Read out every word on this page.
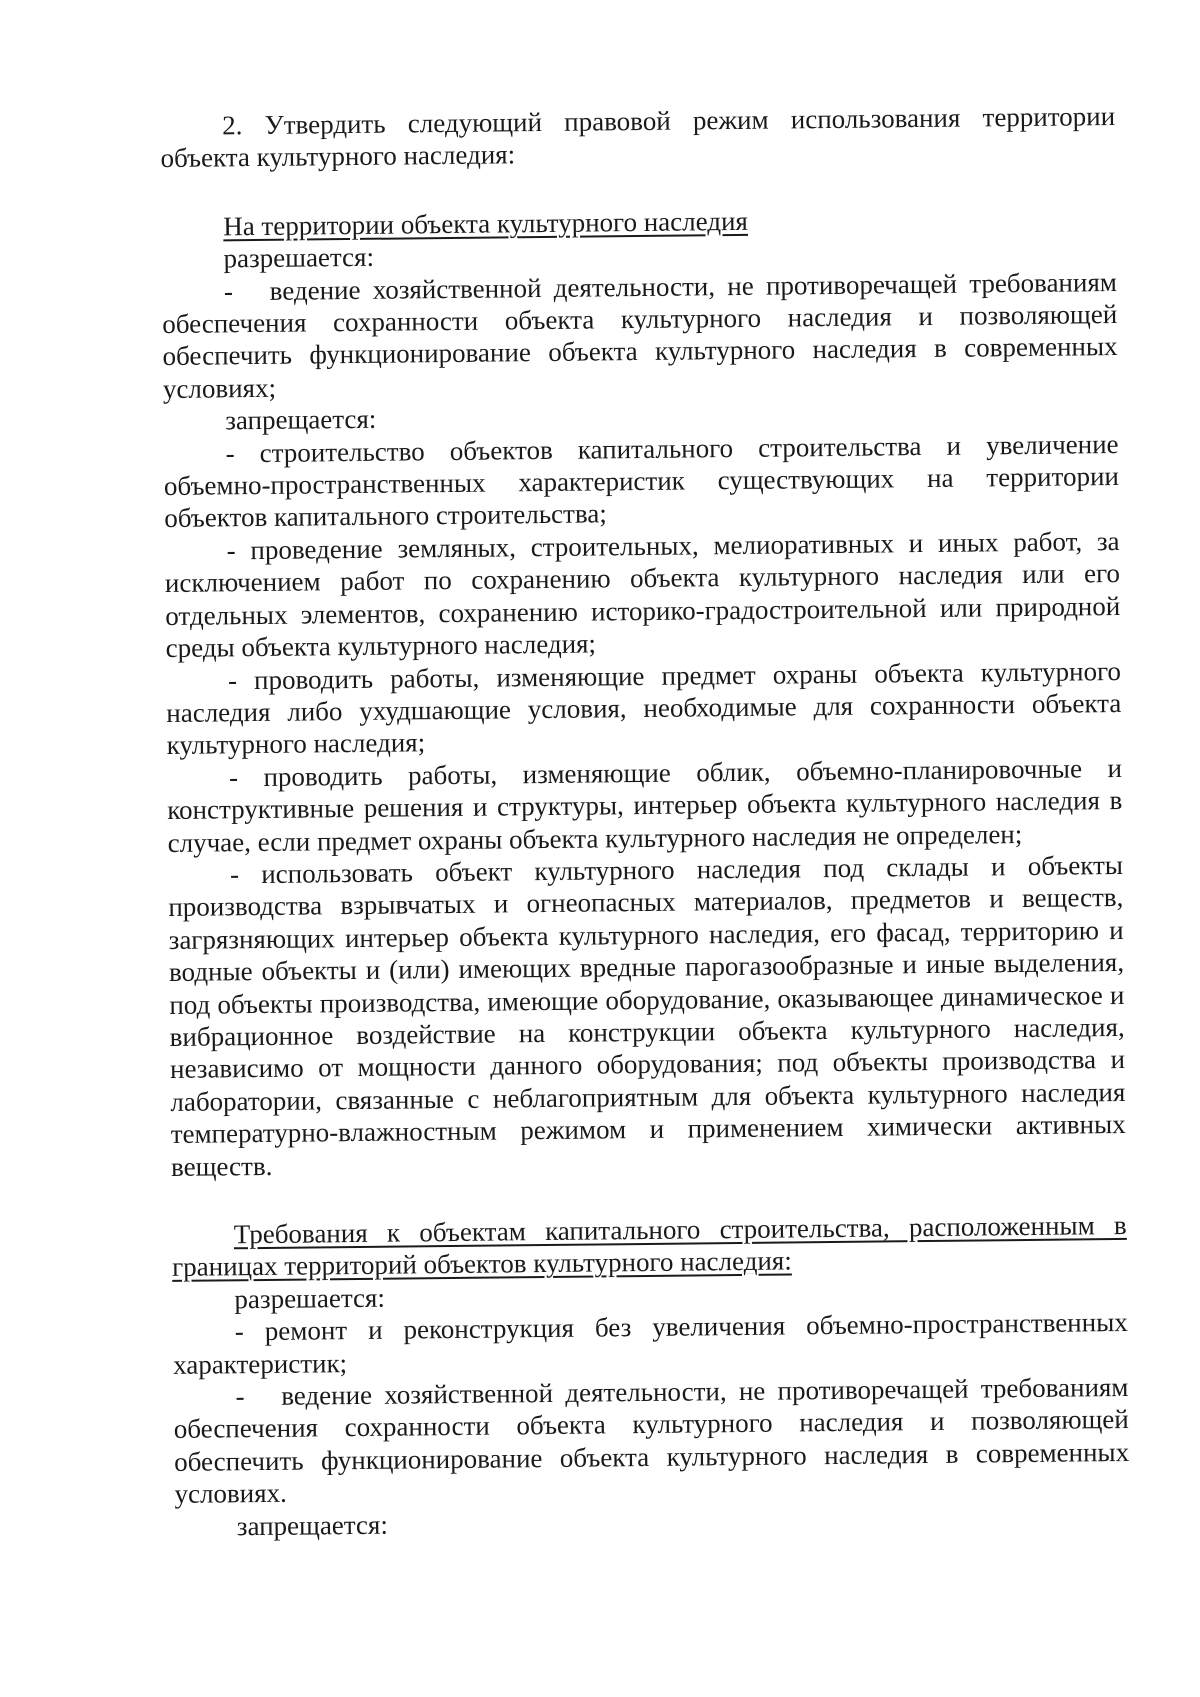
2. Утвердить следующий правовой режим использования территории объекта культурного наследия:

На территории объекта культурного наследия

разрешается:

-   ведение хозяйственной деятельности, не противоречащей требованиям обеспечения сохранности объекта культурного наследия и позволяющей обеспечить функционирование объекта культурного наследия в современных условиях;

запрещается:

- строительство объектов капитального строительства и увеличение объемно-пространственных характеристик существующих на территории объектов капитального строительства;

- проведение земляных, строительных, мелиоративных и иных работ, за исключением работ по сохранению объекта культурного наследия или его отдельных элементов, сохранению историко-градостроительной или природной среды объекта культурного наследия;

- проводить работы, изменяющие предмет охраны объекта культурного наследия либо ухудшающие условия, необходимые для сохранности объекта культурного наследия;

- проводить работы, изменяющие облик, объемно-планировочные и конструктивные решения и структуры, интерьер объекта культурного наследия в случае, если предмет охраны объекта культурного наследия не определен;

- использовать объект культурного наследия под склады и объекты производства взрывчатых и огнеопасных материалов, предметов и веществ, загрязняющих интерьер объекта культурного наследия, его фасад, территорию и водные объекты и (или) имеющих вредные парогазообразные и иные выделения, под объекты производства, имеющие оборудование, оказывающее динамическое и вибрационное воздействие на конструкции объекта культурного наследия, независимо от мощности данного оборудования; под объекты производства и лаборатории, связанные с неблагоприятным для объекта культурного наследия температурно-влажностным режимом и применением химически активных веществ.

Требования к объектам капитального строительства, расположенным в границах территорий объектов культурного наследия:

разрешается:

- ремонт и реконструкция без увеличения объемно-пространственных характеристик;

-   ведение хозяйственной деятельности, не противоречащей требованиям обеспечения сохранности объекта культурного наследия и позволяющей обеспечить функционирование объекта культурного наследия в современных условиях.

запрещается:
